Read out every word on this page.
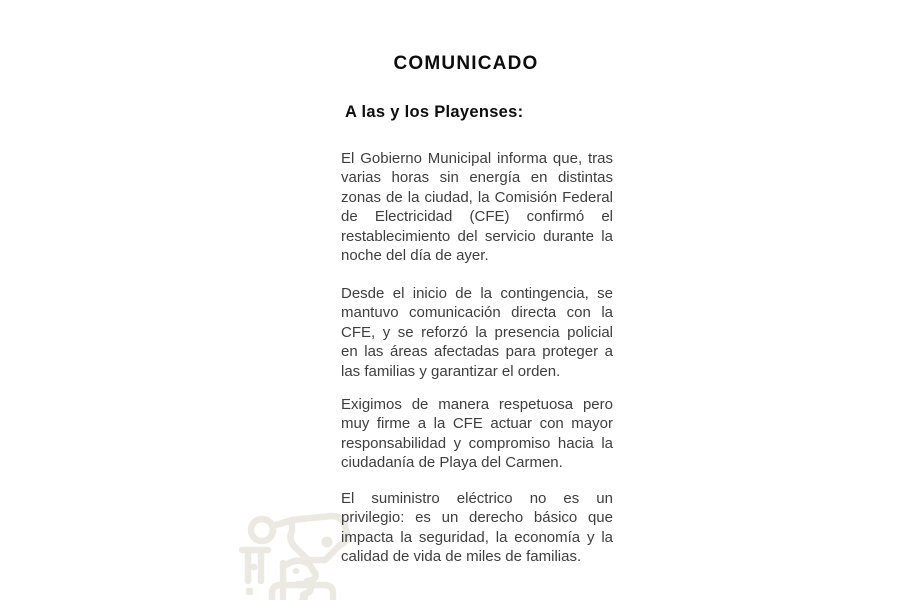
COMUNICADO
A las y los Playenses:
El Gobierno Municipal informa que, tras
varias horas sin energía en distintas
zonas de la ciudad, la Comisión Federal
de Electricidad (CFE) confirmó el
restablecimiento del servicio durante la
noche del día de ayer.
Desde el inicio de la contingencia, se
mantuvo comunicación directa con la
CFE, y se reforzó la presencia policial
en las áreas afectadas para proteger a
las familias y garantizar el orden.
Exigimos de manera respetuosa pero
muy firme a la CFE actuar con mayor
responsabilidad y compromiso hacia la
ciudadanía de Playa del Carmen.
El suministro eléctrico no es un
privilegio: es un derecho básico que
impacta la seguridad, la economía y la
calidad de vida de miles de familias.
